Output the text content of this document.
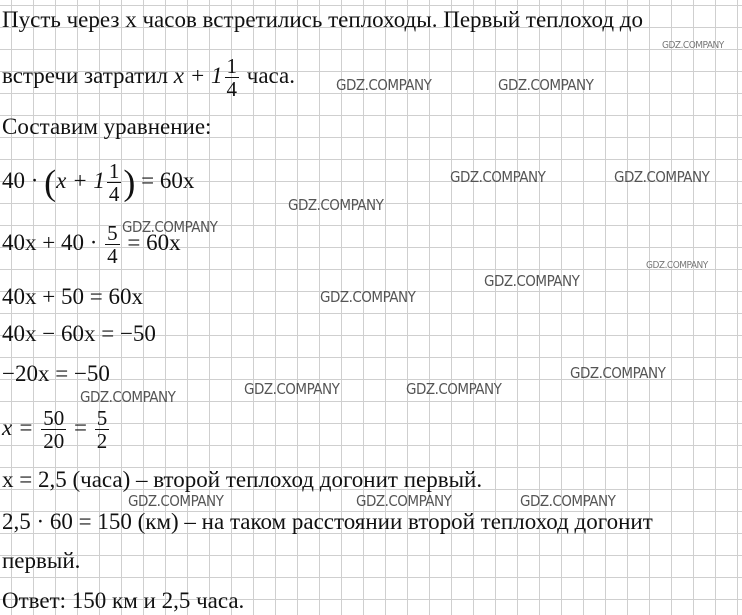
Пусть через x часов встретились теплоходы. Первый теплоход до
встречи затратил $x + 1 \frac{1}{4}$ часа.
Составим уравнение:
$40 \cdot (x + 1 \frac{1}{4}$ ) = 60x
$40x + 40 \cdot \frac{5}{4} = 60x$
40x + 50 = 60x
40x − 60x = −50
−20x = −50
$x = \frac{50}{20} = \frac{5}{2}$
x = 2,5 (часа) – второй теплоход догонит первый.
2,5 · 60 = 150 (км) – на таком расстоянии второй теплоход догонит
первый.
Ответ: 150 км и 2,5 часа.
GDZ.COMPANY
GDZ.COMPANY	GDZ.COMPANY
GDZ.COMPANY	GDZ.COMPANY
GDZ.COMPANY
GDZ.COMPANY
GDZ.COMPANY
GDZ.COMPANY
GDZ.COMPANY
GDZ.COMPANY
GDZ.COMPANY	GDZ.COMPANY
GDZ.COMPANY
GDZ.COMPANY	GDZ.COMPANY	GDZ.COMPANY
